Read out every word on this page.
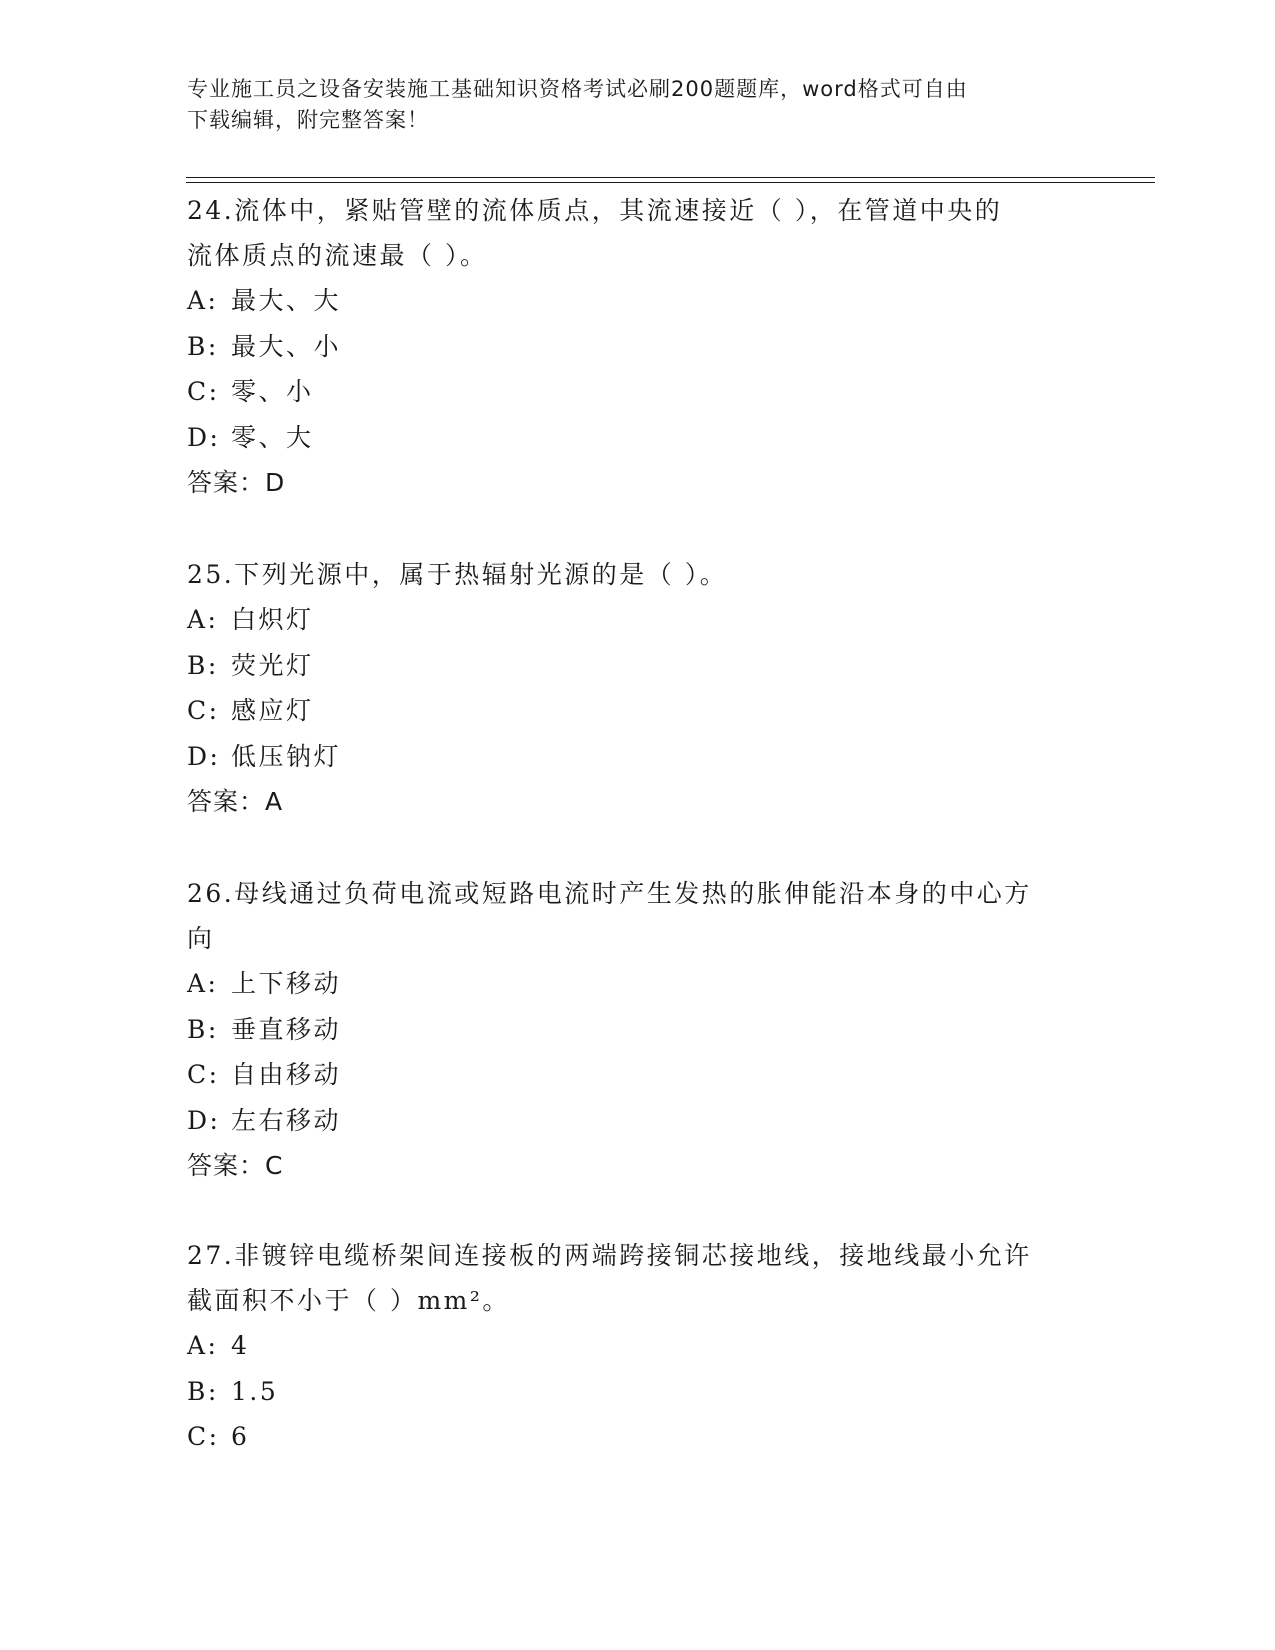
专业施工员之设备安装施工基础知识资格考试必刷200题题库，word格式可自由
下载编辑，附完整答案！
24.流体中，紧贴管壁的流体质点，其流速接近（ ），在管道中央的
流体质点的流速最（ ）。
A: 最大、大
B: 最大、小
C: 零、小
D: 零、大
答案：D
25.下列光源中，属于热辐射光源的是（ ）。
A: 白炽灯
B: 荧光灯
C: 感应灯
D: 低压钠灯
答案：A
26.母线通过负荷电流或短路电流时产生发热的胀伸能沿本身的中心方
向
A: 上下移动
B: 垂直移动
C: 自由移动
D: 左右移动
答案：C
27.非镀锌电缆桥架间连接板的两端跨接铜芯接地线，接地线最小允许
截面积不小于（ ）mm²。
A: 4
B: 1.5
C: 6
